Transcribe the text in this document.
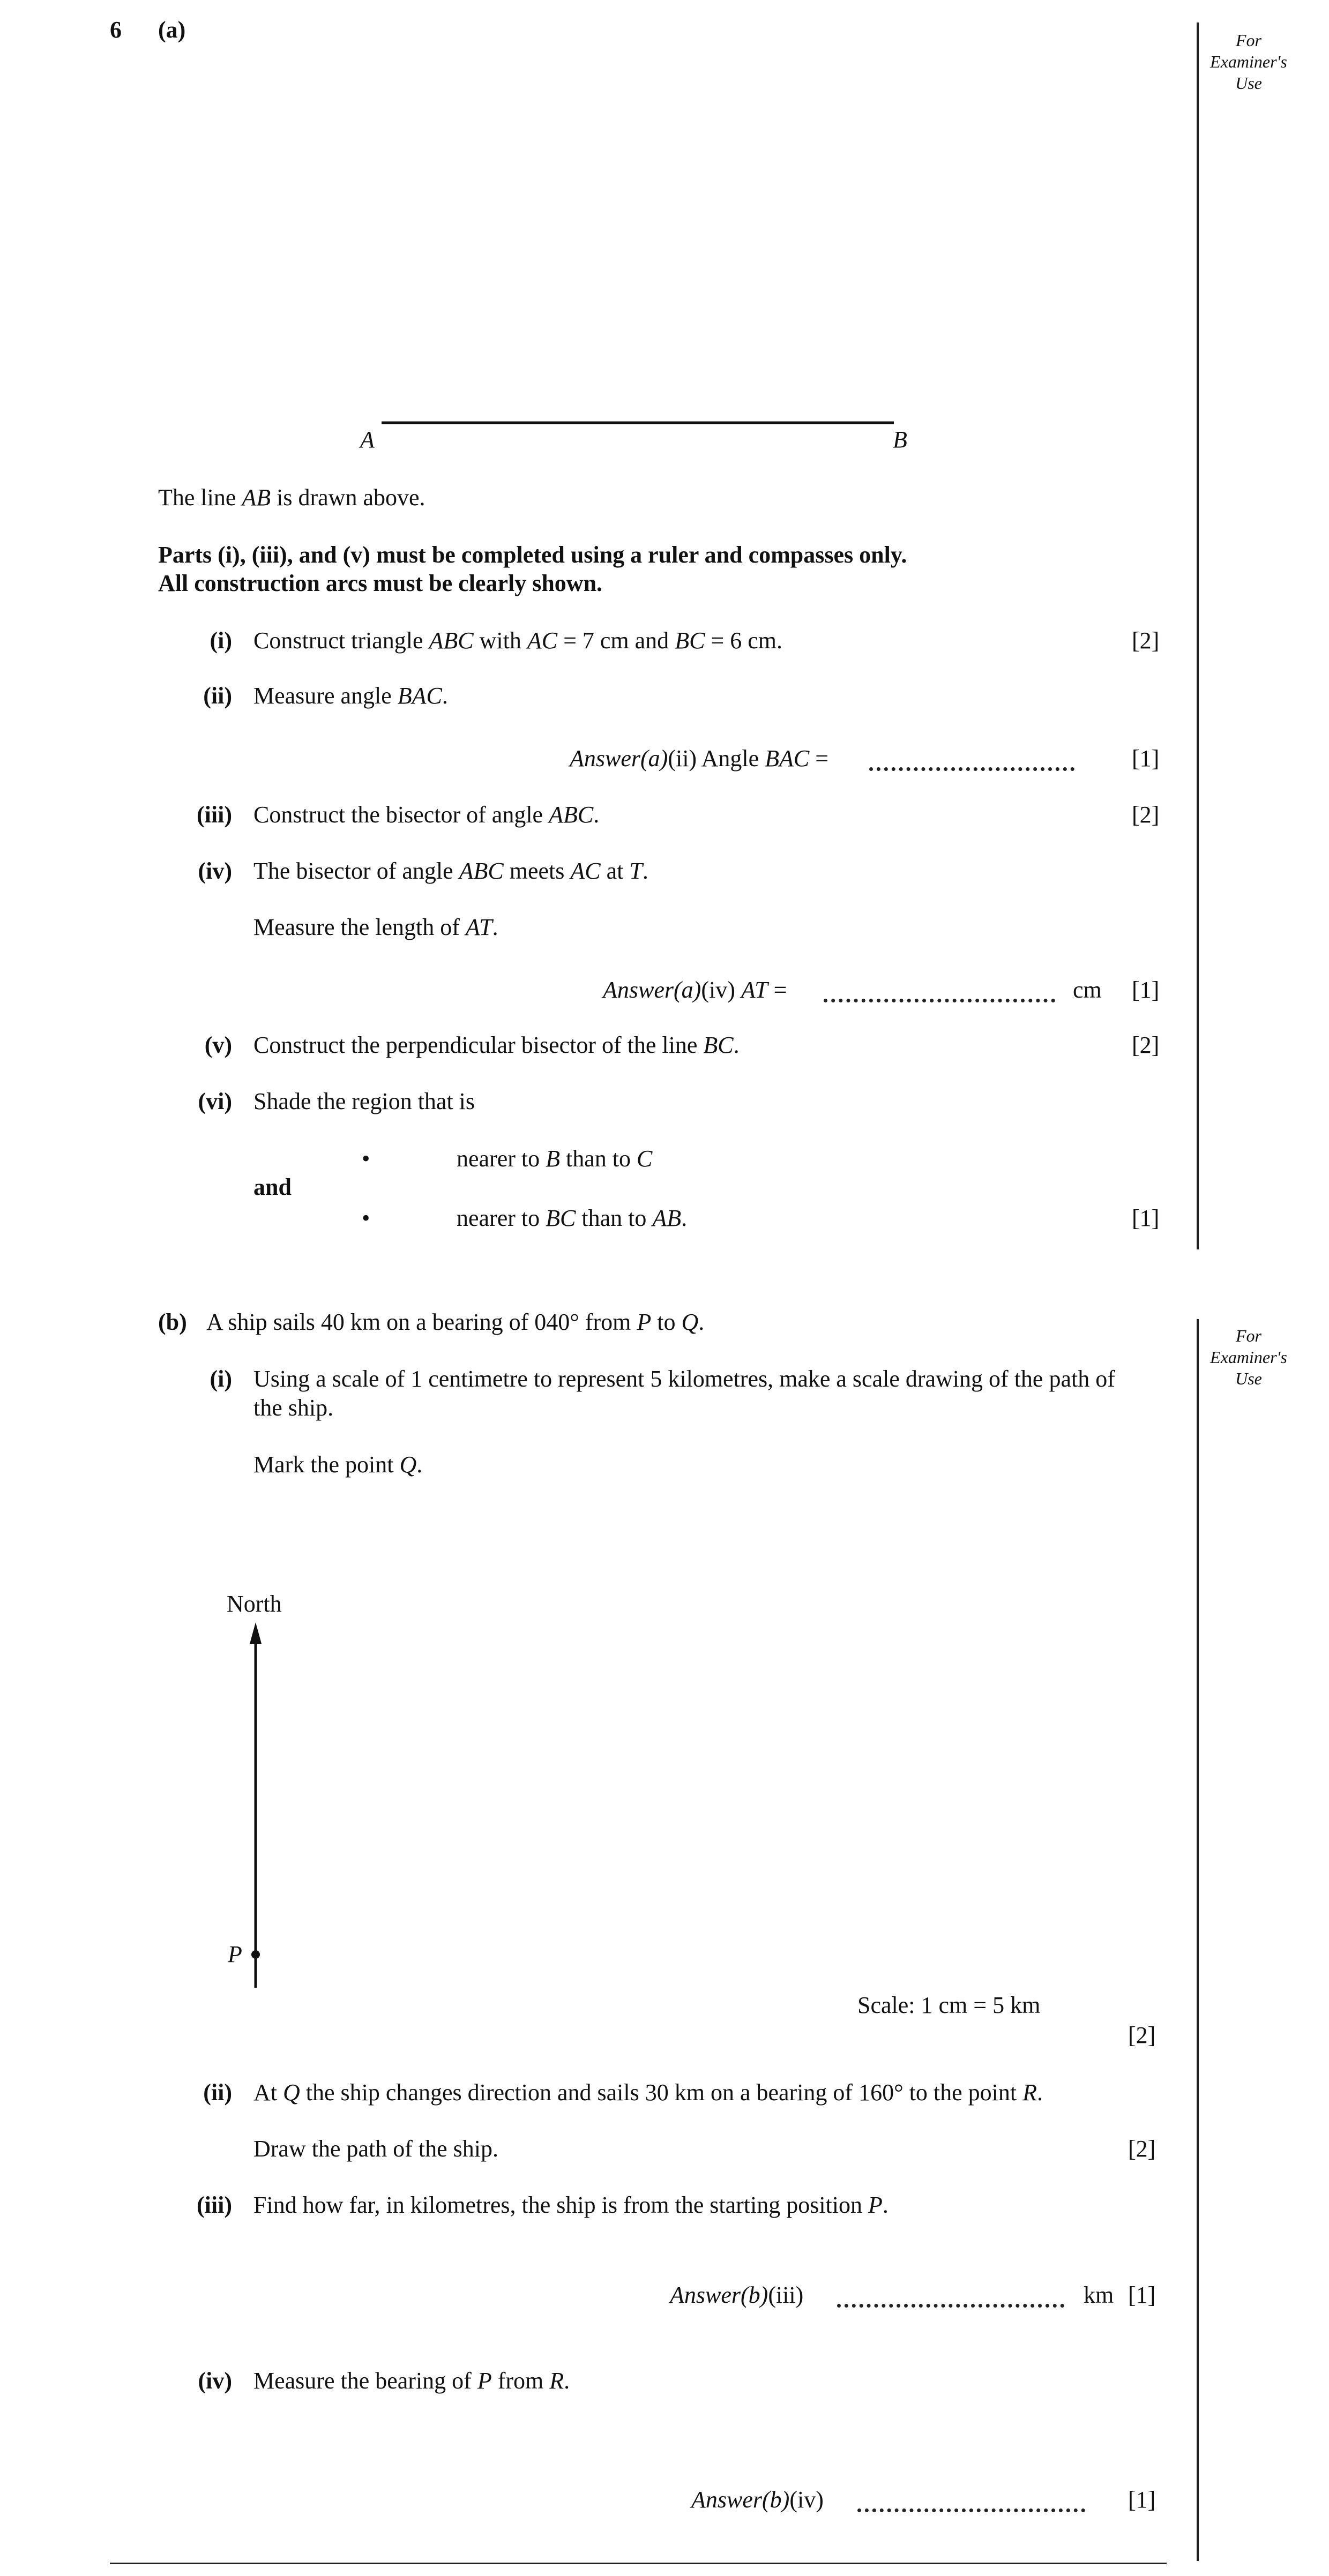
For
Examiner's
Use
For
Examiner's
Use
6 (a)
A	B
The line AB is drawn above.
Parts (i), (iii), and (v) must be completed using a ruler and compasses only.
All construction arcs must be clearly shown.
(i) Construct triangle ABC with AC = 7 cm and BC = 6 cm.	[2]
(ii) Measure angle BAC.
Answer(a)(ii) Angle BAC =	[1]
(iii) Construct the bisector of angle ABC.	[2]
(iv) The bisector of angle ABC meets AC at T.
Measure the length of AT.
Answer(a)(iv) AT =	cm [1]
(v) Construct the perpendicular bisector of the line BC.	[2]
(vi) Shade the region that is
•	nearer to B than to C
and
•	nearer to BC than to AB.	[1]
(b) A ship sails 40 km on a bearing of 040° from P to Q.
(i) Using a scale of 1 centimetre to represent 5 kilometres, make a scale drawing of the path of
the ship.
Mark the point Q.
North
P
Scale: 1 cm = 5 km
[2]
(ii) At Q the ship changes direction and sails 30 km on a bearing of 160° to the point R.
Draw the path of the ship.	[2]
(iii) Find how far, in kilometres, the ship is from the starting position P.
Answer(b)(iii)	km [1]
(iv) Measure the bearing of P from R.
Answer(b)(iv)	[1]
